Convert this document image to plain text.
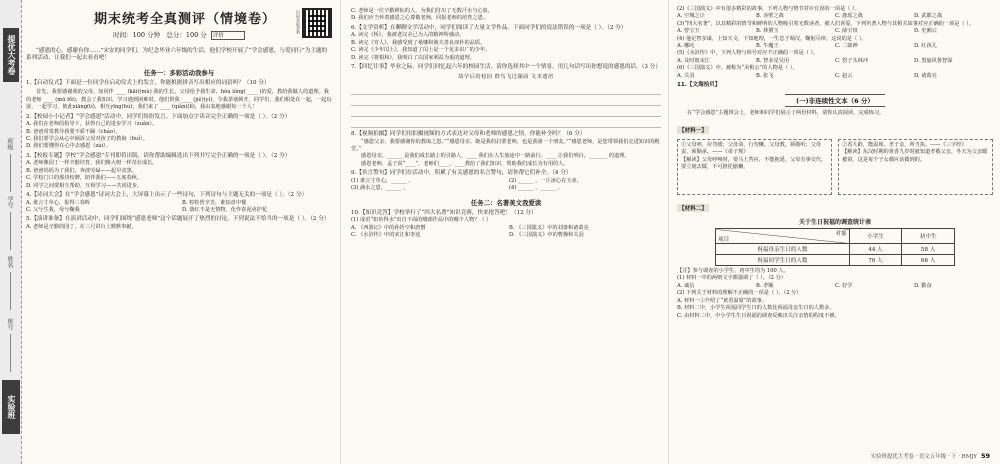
提优大考卷
班级
学号
姓名
座号
实验班
期末统考全真测评（情境卷）
时间：100 分钟 总分：100 分 评价
扫码获取答案

“感恩的心，感谢有你……”宋安的同学们，为纪念毕业六年级的生活，他们学校开展了“学会感恩，与爱同行”为主题的系列活动，让我们一起去看看吧！

任务一：多彩活动我参与

1.【启动仪式】下面是一位同学在启动仪式上的发言，你能根据拼音写出相应的词语吗？（10 分）

首先，我要感谢我的父母，如同伴 ____ (kāi)(mù) 我的生长。父母给予我生命，hòu lóng( ____ )的爱，教给我做人的道理。我的老师 ____ (mú fěi)，教会了我知识。学习遇到困难时，他们帮我 ____ (jiě)(yí)，令我茅塞顿开。同学们，我们相处在一起，一起玩耍，一起学习，彼此xiāng(tí)，相互yīng(hù)。我们来了 ____ (qiǎn)(lǐ)。我由衷地感谢每一个人！

2.【校园小小记者】“学会感恩”活动中，同学们纷纷发言。下面加点字读音完全正确的一项是（ ）。（2 分）

A. 我们在老师的指导下，获得自己的进步学习（xuǎn）。

B. 爸爸常常教导我要不骄不躁（cháo）。

C. 我们要学会从心中倾诉父母对孩子的教诲（huǐ）。

D. 我们要懂得在心中去感恩（zài）。

3.【校报专题】学校“学会感恩”专刊即将出版，请你帮助编辑选出下列书写完全正确的一项是（ ）。（2 分）

A. 老师像园丁一样辛勤培育，我们像大树一样茁壮成长。

B. 爸爸妈妈为了我们，奔波劳碌——起早贪黑。

C. 学校门口的那块校牌，陪伴我们——五度春秋。

D. 同学之间要相互帮助，互相学习——共同进步。

4.【诗词大会】在“学会感恩”诗词大会上，大屏幕上出示了一些诗句，下列诗句与主题无关的一项是（ ）。（2 分）

A. 谁言寸草心，报得三春晖	B. 粒粒皆辛苦，谁知盘中餐
C. 父兮生我，母兮鞠我	D. 落红不是无情物，化作春泥更护花

5.【演讲准备】在演讲活动中，同学们围绕“感恩老师”这个话题展开了热烈的讨论。下列说法不恰当的一项是（ ）。（2 分）

A. 老师是辛勤的园丁，在三尺讲台上默默奉献。

C. 老师是一位辛勤耕耘的人，为我们付出了无数汗水与心血。

D. 我们应当怀着感恩之心尊敬老师，回报老师的培育之恩。

6.【文学赏析】在聊聊文学活动中，同学们阅读了大量文学作品。下面同学们的说法错误的一项是（ ）。（2 分）

A. 读完《桥》，我被老汉舍己为人的精神所感动。

B. 读完《穷人》，我感受到了桑娜和渔夫善良淳朴的品质。

C. 读完《少年闰土》，我知道了闰土是一个见多识广的少年。

D. 读完《将相和》，我明白了以国家利益为重的道理。

7.【回忆往事】毕业之际，同学们回忆起六年的校园生活。请你选择其中一个情景，用几句话写出你想说的感恩的话。（3 分）

故学后的校园 群鸟飞过湖面 文本遗培

8.【视频拍摄】同学们用拍摄视频的方式表达对父母和老师的感恩之情，你能补全吗？（6 分）

“感恩父亲，我要感谢你的教诲之恩。”“感恩母亲，她是我的启蒙老师，也是我第一个朋友。”“感恩老师，是您带领我们走进知识的殿堂。”

感恩母亲，______ 是我们成长路上的引路人，____ 我们在人生旅途中一路前行。____ 让我们明白，_______ 的道理。

感恩老师，孟子说“____”，老师们____，____教给了我们知识，帮助我们成长为有用的人。

9.【名言警句】同学们在活动中，积累了有关感恩的名言警句，请你帮它们补全。（4 分）

(1) 谁言寸草心，______ 。	(2) ______ ，一片冰心在玉壶。
(3) 滴水之恩，______ 。	(4) ______ ，______ 。
任务二：名著美文我爱读

10.【知识竞答】学校举行了“四大名著”知识竞赛，快来抢答吧！（12 分）

(1) 成语“如鱼得水”出自下面的哪部作品中的哪个人物？（ ）

A. 《西游记》中的孙悟空和唐僧	B. 《三国演义》中的刘备和诸葛亮
C. 《水浒传》中的宋江和李逵	D. 《三国演义》中的曹操和关羽

(2)《三国演义》中有很多精彩的故事，下列人物与情节对应有误的一项是（ ）。

A. 空城之计	B. 赤壁之战	C. 鹿瑶之战	D. 武都之战

(3)“四大名著”，以其精彩的情节和鲜明的人物吸引着无数读者，被人们喜爱。下列名著人物与其相关故事对应正确的一项是（ ）。

A. 曾宝玉	B. 林黛玉	C. 薛宝钗	D. 史湘云

(4) 他足智多谋，上知天文，下知地理，一生忠于蜀汉，鞠躬尽瘁。这说的是（ ）。

A. 哪吒	B. 牛魔王	C. 二郎神	D. 红孩儿

(5)《水浒传》中，下列人物与绰号对应不正确的一项是（ ）。

A. 及时雨宋江	B. 智多星吴用	C. 豹子头林冲	D. 黑旋风鲁智深

(6)《三国演义》中，被称为“美髯公”的人物是（ ）。

A. 关羽	B. 张飞	C. 赵云	D. 诸葛亮

11.【文海拾贝】

(一)非连续性文本（6 分）

在“学会感恩”主题班会上，老师和同学们展示了两份材料，请你认真阅读，完成练习。

【材料一】

①父母呼，应勿缓；父母命，行勿懒。父母教，须敬听；父母责，须顺承。——《弟子规》

【解读】父母呼唤时，要马上答应，不能拖延。父母有事交代，要立刻去做，不可推托偷懒。

②香九龄，能温席。孝于亲，所当执。——《三字经》

【解读】东汉时期的黄香九岁时就知道孝敬父亲，冬天为父亲暖被窝，这是每个子女都应该做到的。

【材料二】
关于生日祝福的调查统计表
对象

项目	小学生	初中生
祝福母亲生日的人数	44 人	58 人
祝福同学生日的人数	76 人	66 人

【注】参与调查的小学生、初中生均为 100 人。

(1) 材料一中的两则文字都强调了（ ）。（2 分）

A. 诚信	B. 孝顺	C. 好学	D. 勤奋

(2) 下列关于材料的理解不正确的一项是（ ）。（2 分）

A. 材料一①介绍了“黄香温席”的故事。

B. 材料二中，小学生祝福同学生日的人数比祝福母亲生日的人数多。

C. 由材料二中，中小学生生日祝福的调查反映出关注亲情的程度不够。

实验班提优大考卷 · 语文五年级 · 下 · RMJY 59
